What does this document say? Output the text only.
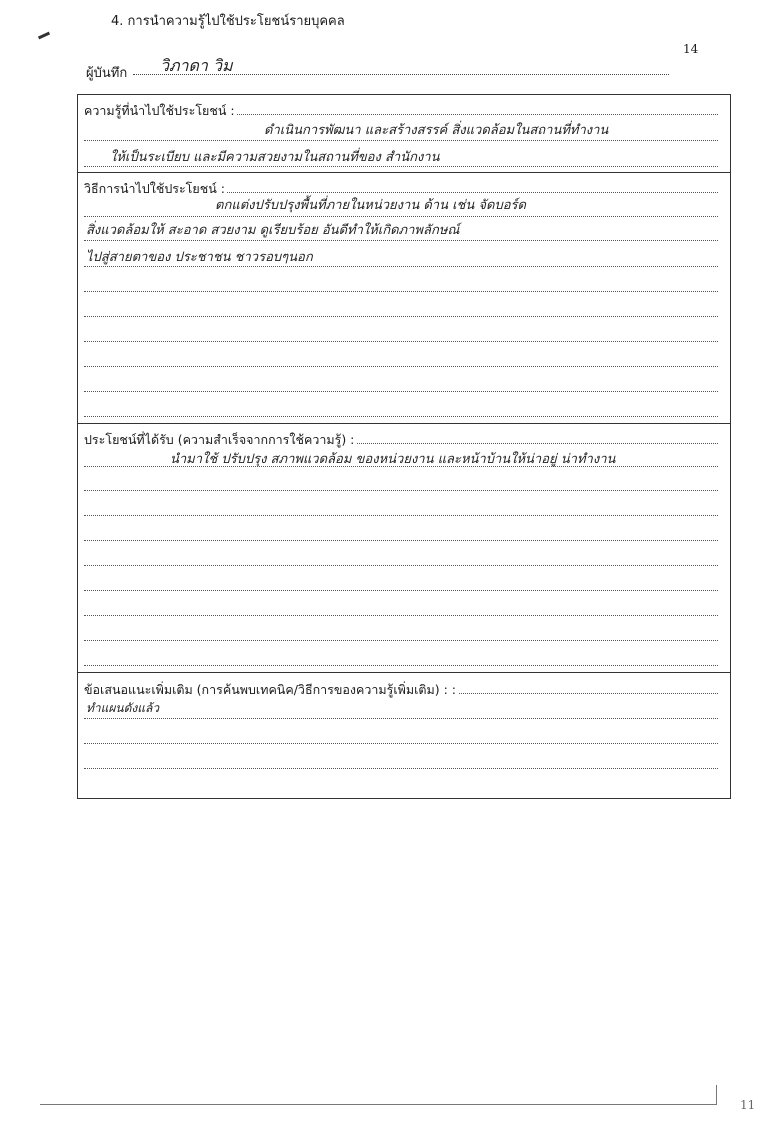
4. การนำความรู้ไปใช้ประโยชน์รายบุคคล
14
ผู้บันทึก วิภาดา วิม
ความรู้ที่นำไปใช้ประโยชน์ :
ดำเนินการพัฒนา และสร้างสรรค์ สิ่งแวดล้อมในสถานที่ทำงาน
ให้เป็นระเบียบ และมีความสวยงามในสถานที่ของ สำนักงาน
วิธีการนำไปใช้ประโยชน์ :
ตกแต่งปรับปรุงพื้นที่ภายในหน่วยงาน ด้าน เช่น จัดบอร์ด
สิ่งแวดล้อมให้ สะอาด สวยงาม ดูเรียบร้อย อันดีทำให้เกิดภาพลักษณ์
ไปสู่สายตาของ ประชาชน ชาวรอบๆนอก
ประโยชน์ที่ได้รับ (ความสำเร็จจากการใช้ความรู้) :
นำมาใช้ ปรับปรุง สภาพแวดล้อม ของหน่วยงาน และหน้าบ้านให้น่าอยู่ น่าทำงาน
ข้อเสนอแนะเพิ่มเติม (การค้นพบเทคนิค/วิธีการของความรู้เพิ่มเติม) : :
ทำแผนดังแล้ว
11
